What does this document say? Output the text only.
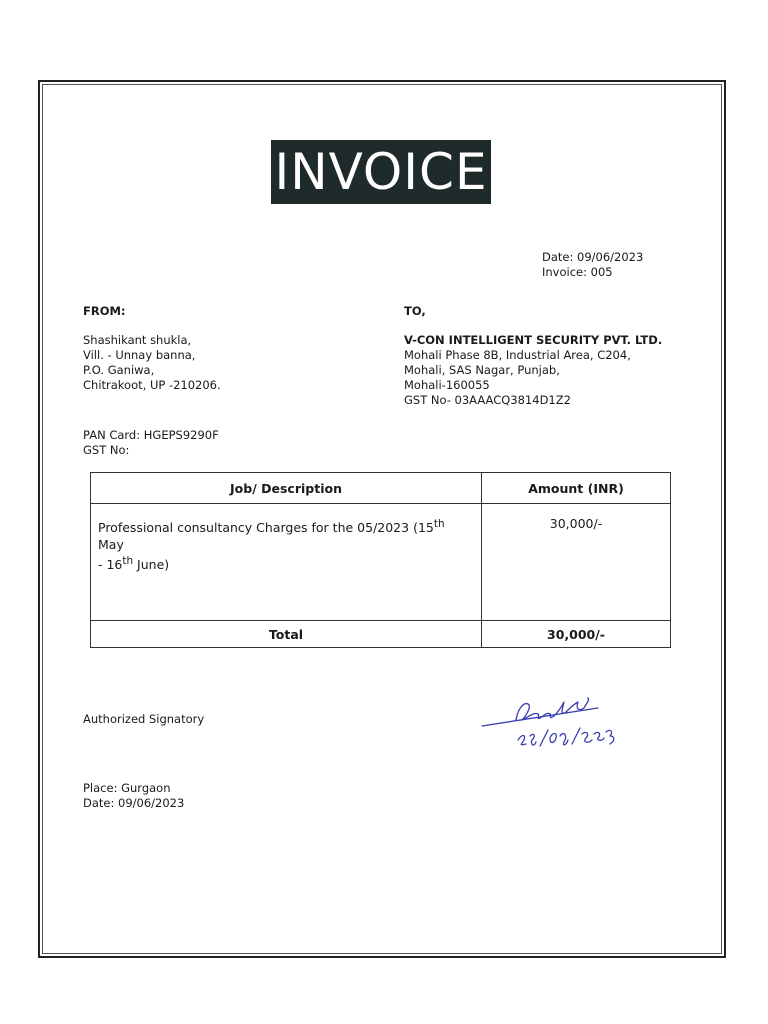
INVOICE
Date: 09/06/2023
Invoice: 005
FROM:	TO,
Shashikant shukla,
Vill. - Unnay banna,
P.O. Ganiwa,
Chitrakoot, UP -210206.
V-CON INTELLIGENT SECURITY PVT. LTD.
Mohali Phase 8B, Industrial Area, C204,
Mohali, SAS Nagar, Punjab,
Mohali-160055
GST No- 03AAACQ3814D1Z2
PAN Card: HGEPS9290F
GST No:
Job/ Description	Amount (INR)
Professional consultancy Charges for the 05/2023 (15th May
- 16th June)	30,000/-
Total	30,000/-
Authorized Signatory
Place: Gurgaon
Date: 09/06/2023
